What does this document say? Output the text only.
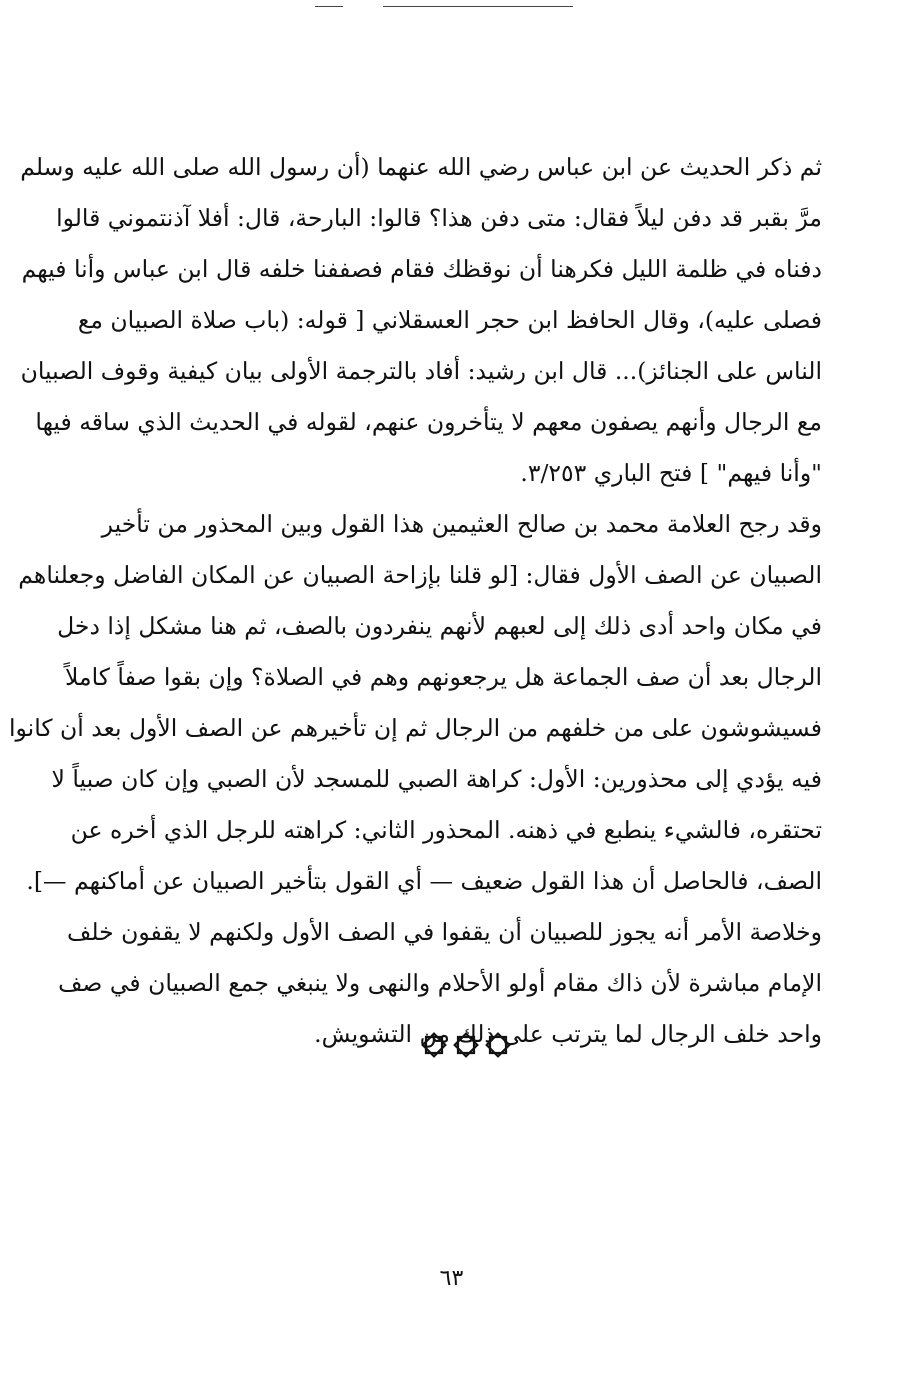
ثم ذكر الحديث عن ابن عباس رضي الله عنهما (أن رسول الله صلى الله عليه وسلم
مرَّ بقبر قد دفن ليلاً فقال: متى دفن هذا؟ قالوا: البارحة، قال: أفلا آذنتموني قالوا
دفناه في ظلمة الليل فكرهنا أن نوقظك فقام فصففنا خلفه قال ابن عباس وأنا فيهم
فصلى عليه)، وقال الحافظ ابن حجر العسقلاني [ قوله: (باب صلاة الصبيان مع
الناس على الجنائز)... قال ابن رشيد: أفاد بالترجمة الأولى بيان كيفية وقوف الصبيان
مع الرجال وأنهم يصفون معهم لا يتأخرون عنهم، لقوله في الحديث الذي ساقه فيها
"وأنا فيهم" ] فتح الباري ٣/٢٥٣.
وقد رجح العلامة محمد بن صالح العثيمين هذا القول وبين المحذور من تأخير
الصبيان عن الصف الأول فقال: [لو قلنا بإزاحة الصبيان عن المكان الفاضل وجعلناهم
في مكان واحد أدى ذلك إلى لعبهم لأنهم ينفردون بالصف، ثم هنا مشكل إذا دخل
الرجال بعد أن صف الجماعة هل يرجعونهم وهم في الصلاة؟ وإن بقوا صفاً كاملاً
فسيشوشون على من خلفهم من الرجال ثم إن تأخيرهم عن الصف الأول بعد أن كانوا
فيه يؤدي إلى محذورين: الأول: كراهة الصبي للمسجد لأن الصبي وإن كان صبياً لا
تحتقره، فالشيء ينطبع في ذهنه. المحذور الثاني: كراهته للرجل الذي أخره عن
الصف، فالحاصل أن هذا القول ضعيف — أي القول بتأخير الصبيان عن أماكنهم —].
وخلاصة الأمر أنه يجوز للصبيان أن يقفوا في الصف الأول ولكنهم لا يقفون خلف
الإمام مباشرة لأن ذاك مقام أولو الأحلام والنهى ولا ينبغي جمع الصبيان في صف
واحد خلف الرجال لما يترتب على ذلك من التشويش.
٦٣
